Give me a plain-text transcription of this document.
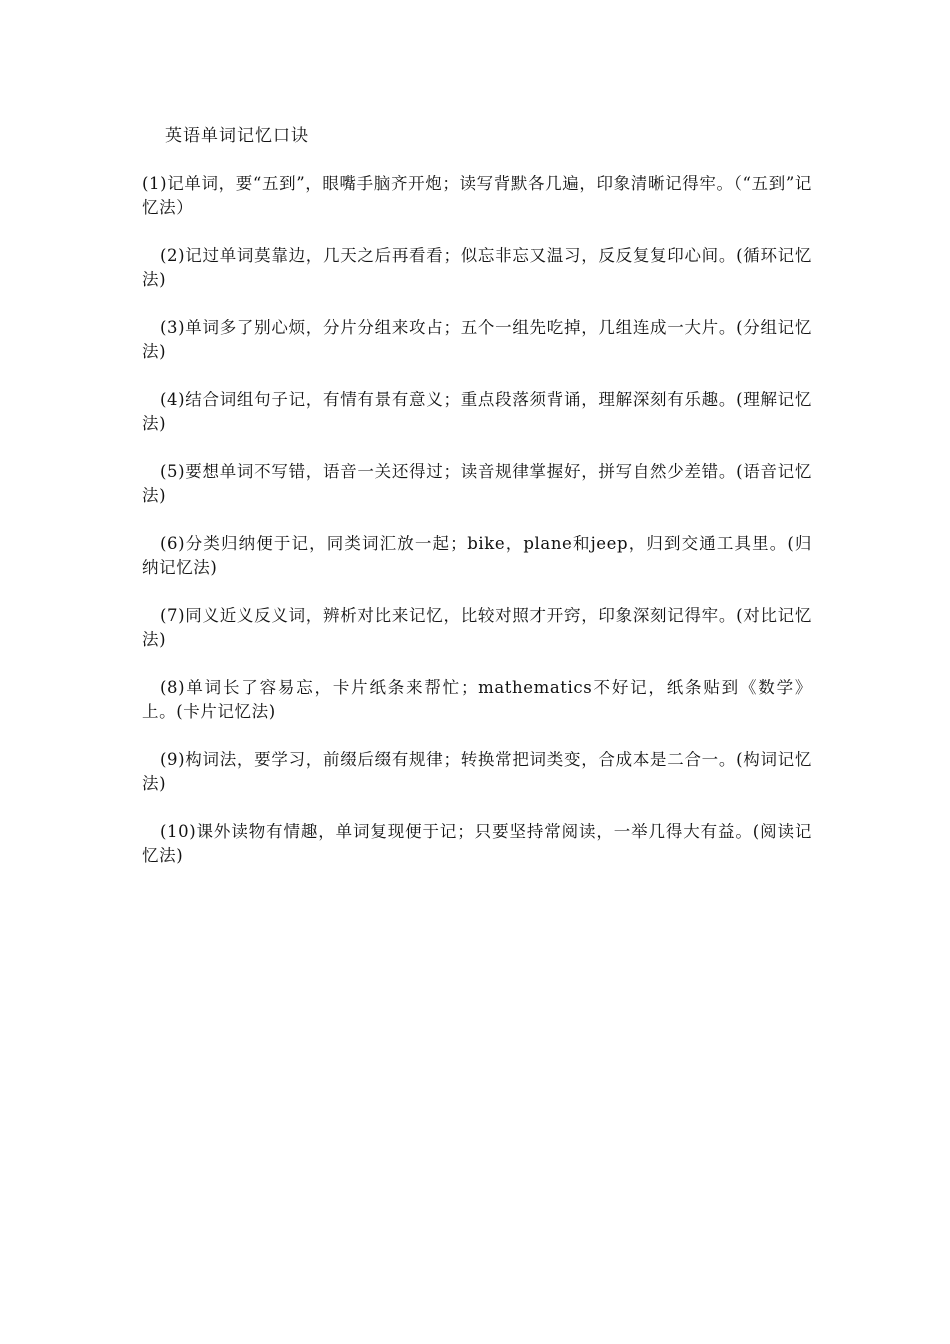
英语单词记忆口诀

(1)记单词，要“五到”，眼嘴手脑齐开炮；读写背默各几遍，印象清晰记得牢。（“五到”记忆法）

(2)记过单词莫靠边，几天之后再看看；似忘非忘又温习，反反复复印心间。(循环记忆法)

(3)单词多了别心烦，分片分组来攻占；五个一组先吃掉，几组连成一大片。(分组记忆法)

(4)结合词组句子记，有情有景有意义；重点段落须背诵，理解深刻有乐趣。(理解记忆法)

(5)要想单词不写错，语音一关还得过；读音规律掌握好，拼写自然少差错。(语音记忆法)

(6)分类归纳便于记，同类词汇放一起；bike，plane和jeep，归到交通工具里。(归纳记忆法)

(7)同义近义反义词，辨析对比来记忆，比较对照才开窍，印象深刻记得牢。(对比记忆法)

(8)单词长了容易忘，卡片纸条来帮忙；mathematics不好记，纸条贴到《数学》上。(卡片记忆法)

(9)构词法，要学习，前缀后缀有规律；转换常把词类变，合成本是二合一。(构词记忆法)

(10)课外读物有情趣，单词复现便于记；只要坚持常阅读，一举几得大有益。(阅读记忆法)
